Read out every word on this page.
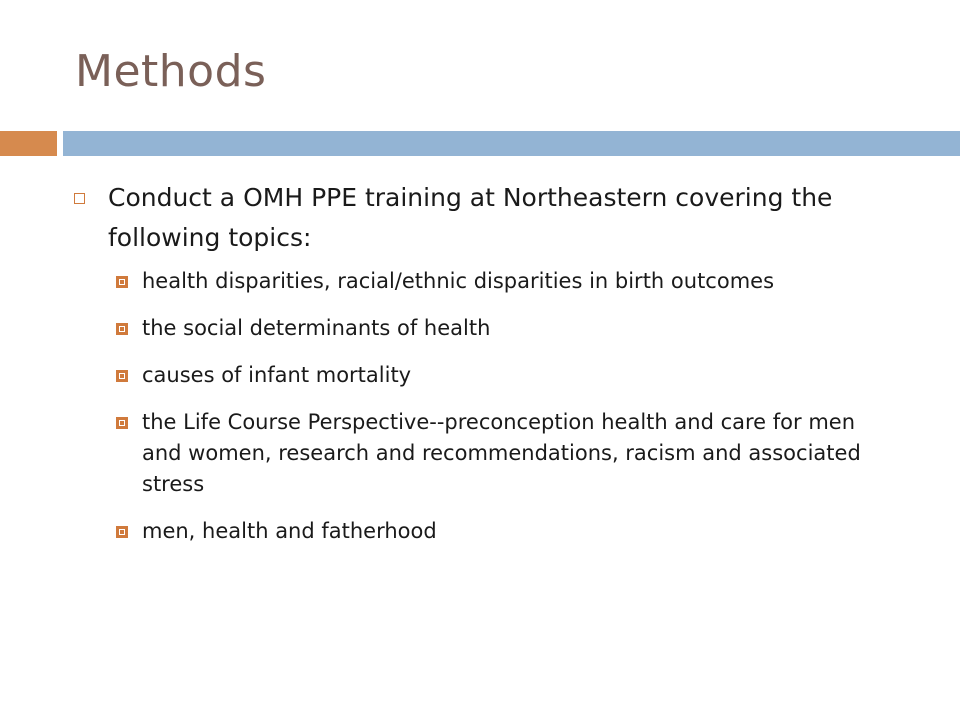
Methods
Conduct a OMH PPE training at Northeastern covering the following topics:
health disparities, racial/ethnic disparities in birth outcomes
the social determinants of health
causes of infant mortality
the Life Course Perspective--preconception health and care for men and women, research and recommendations, racism and associated stress
men, health and fatherhood
